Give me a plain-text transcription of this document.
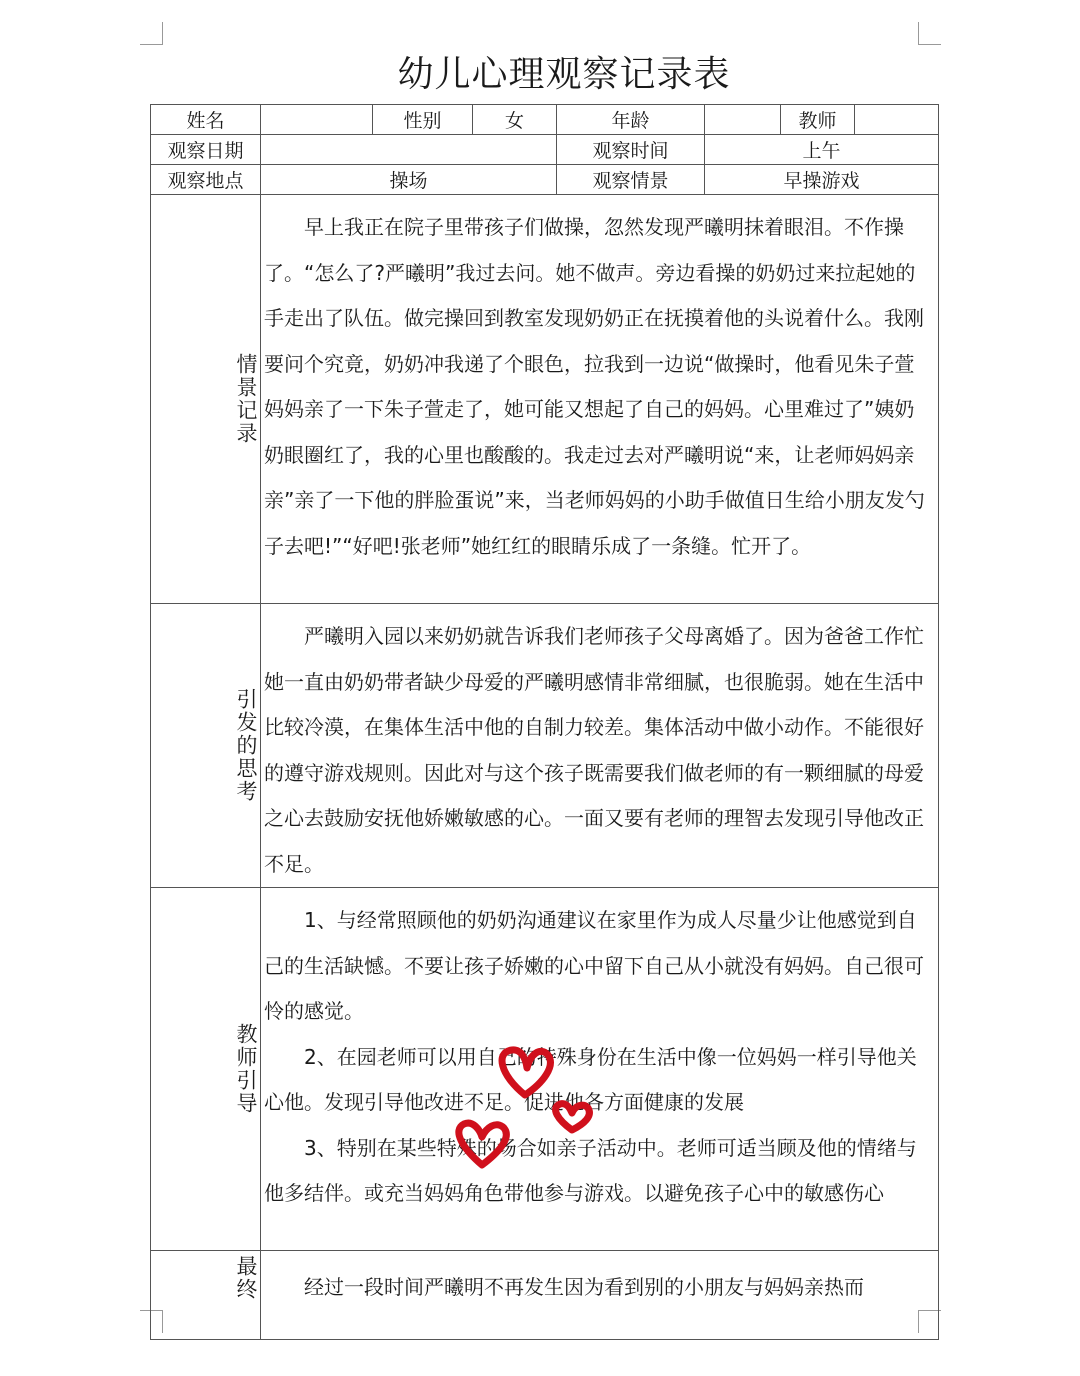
幼儿心理观察记录表
姓名		性别	女	年龄		教师	
观察日期				观察时间	上午		
观察地点	操场			观察情景	早操游戏		

情景记录	早上我正在院子里带孩子们做操，忽然发现严曦明抹着眼泪。不作操了。“怎么了?严曦明”我过去问。她不做声。旁边看操的奶奶过来拉起她的手走出了队伍。做完操回到教室发现奶奶正在抚摸着他的头说着什么。我刚要问个究竟，奶奶冲我递了个眼色，拉我到一边说“做操时，他看见朱子萱妈妈亲了一下朱子萱走了，她可能又想起了自己的妈妈。心里难过了”姨奶奶眼圈红了，我的心里也酸酸的。我走过去对严曦明说“来，让老师妈妈亲亲”亲了一下他的胖脸蛋说”来，当老师妈妈的小助手做值日生给小朋友发勺子去吧!”“好吧!张老师”她红红的眼睛乐成了一条缝。忙开了。						

引发的思考	严曦明入园以来奶奶就告诉我们老师孩子父母离婚了。因为爸爸工作忙她一直由奶奶带者缺少母爱的严曦明感情非常细腻，也很脆弱。她在生活中比较冷漠，在集体生活中他的自制力较差。集体活动中做小动作。不能很好的遵守游戏规则。因此对与这个孩子既需要我们做老师的有一颗细腻的母爱之心去鼓励安抚他娇嫩敏感的心。一面又要有老师的理智去发现引导他改正不足。						

教师引导	1、与经常照顾他的奶奶沟通建议在家里作为成人尽量少让他感觉到自己的生活缺憾。不要让孩子娇嫩的心中留下自己从小就没有妈妈。自己很可怜的感觉。

2、在园老师可以用自己的特殊身份在生活中像一位妈妈一样引导他关心他。发现引导他改进不足。促进他各方面健康的发展

3、特别在某些特殊的场合如亲子活动中。老师可适当顾及他的情绪与他多结伴。或充当妈妈角色带他参与游戏。以避免孩子心中的敏感伤心						

最终	经过一段时间严曦明不再发生因为看到别的小朋友与妈妈亲热而						
